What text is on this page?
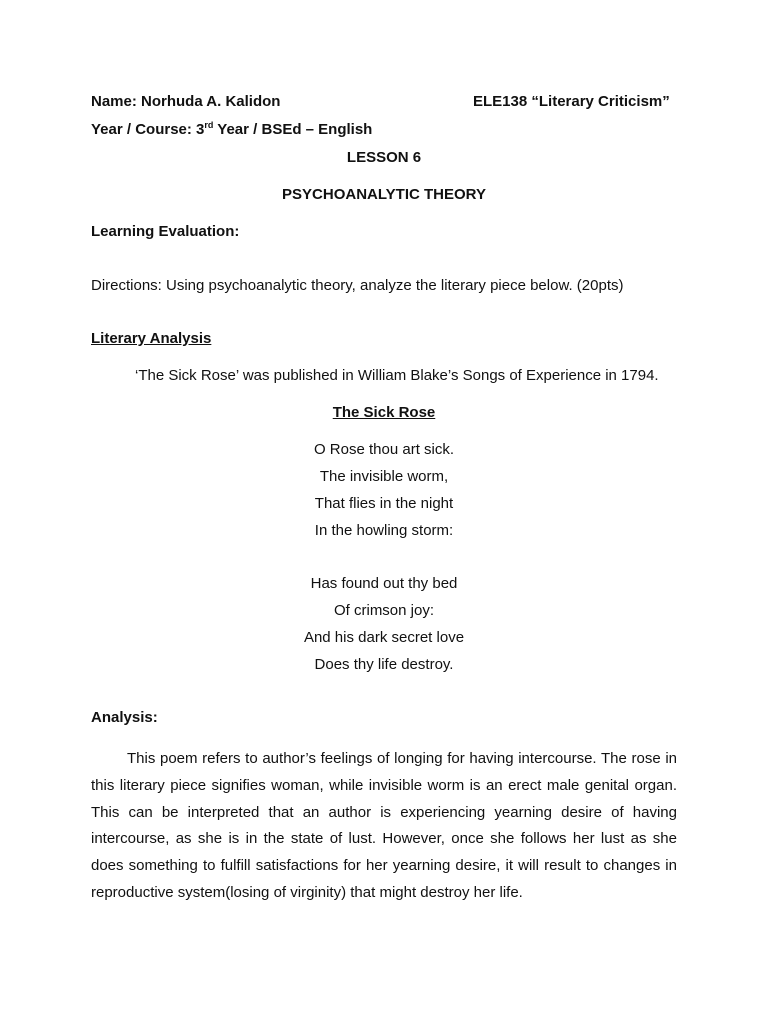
Name: Norhuda A. Kalidon	ELE138 “Literary Criticism”
Year / Course: 3rd Year / BSEd – English
LESSON 6
PSYCHOANALYTIC THEORY
Learning Evaluation:
Directions: Using psychoanalytic theory, analyze the literary piece below. (20pts)
Literary Analysis
‘The Sick Rose’ was published in William Blake’s Songs of Experience in 1794.
The Sick Rose
O Rose thou art sick.
The invisible worm,
That flies in the night
In the howling storm:
Has found out thy bed
Of crimson joy:
And his dark secret love
Does thy life destroy.
Analysis:
This poem refers to author’s feelings of longing for having intercourse. The rose in this literary piece signifies woman, while invisible worm is an erect male genital organ. This can be interpreted that an author is experiencing yearning desire of having intercourse, as she is in the state of lust. However, once she follows her lust as she does something to fulfill satisfactions for her yearning desire, it will result to changes in reproductive system(losing of virginity) that might destroy her life.
